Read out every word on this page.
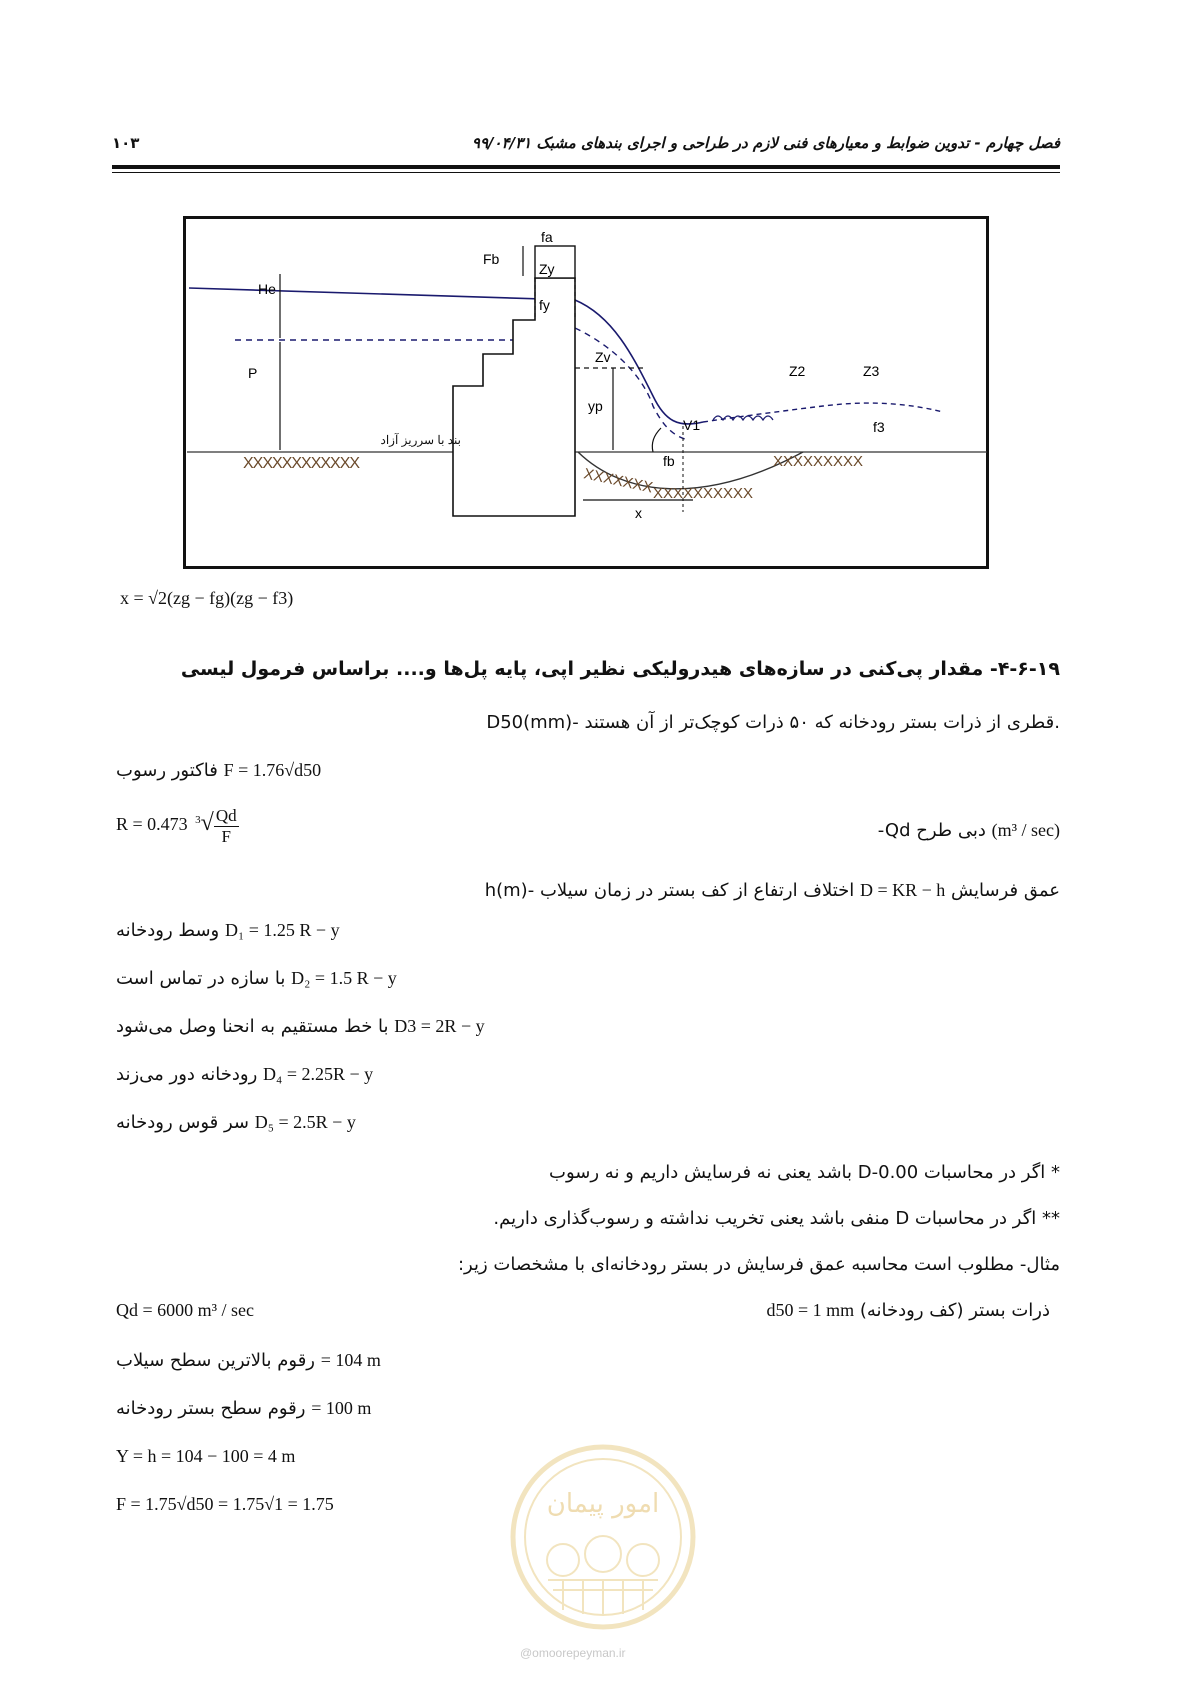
فصل چهارم - تدوین ضوابط و معیارهای فنی لازم در طراحی و اجرای بندهای مشبک ۹۹/۰۴/۳۱
۱۰۳
XXXXXXXXXXXX
XXXXXXX
XXXXXXXXXX
XXXXXXXXX
بند با سرریز آزاد
fa
Fb
Zy
fy
He
P
Zv
yp
V1
Z2	Z3
f3
fb
x
x = √2(zg − fg)(zg − f3)
۴-۶-۱۹- مقدار پی‌کنی در سازه‌های هیدرولیکی نظیر اپی، پایه پل‌ها و.... براساس فرمول لیسی
D50(mm)- قطری از ذرات بستر رودخانه که ۵۰ ذرات کوچک‌تر از آن هستند.
فاکتور رسوب F = 1.76√d50
R = 0.473 $^3√ \frac{Qd}{F}$	-Qd دبی طرح (m³ / sec)
h(m)- اختلاف ارتفاع از کف بستر در زمان سیلاب D = KR − h عمق فرسایش
وسط رودخانه D₁ = 1.25 R − y
با سازه در تماس است D₂ = 1.5 R − y
با خط مستقیم به انحنا وصل می‌شود D3 = 2R − y
رودخانه دور می‌زند D₄ = 2.25R − y
سر قوس رودخانه D₅ = 2.5R − y
* اگر در محاسبات D-0.00 باشد یعنی نه فرسایش داریم و نه رسوب
** اگر در محاسبات D منفی باشد یعنی تخریب نداشته و رسوب‌گذاری داریم.
مثال- مطلوب است محاسبه عمق فرسایش در بستر رودخانه‌ای با مشخصات زیر:
Qd = 6000 m³ / sec	d50 = 1 mm ذرات بستر (کف رودخانه)
رقوم بالاترین سطح سیلاب = 104 m
رقوم سطح بستر رودخانه = 100 m
Y = h = 104 − 100 = 4 m
F = 1.75√d50 = 1.75√1 = 1.75	امور پیمان
@omoorepeyman.ir
